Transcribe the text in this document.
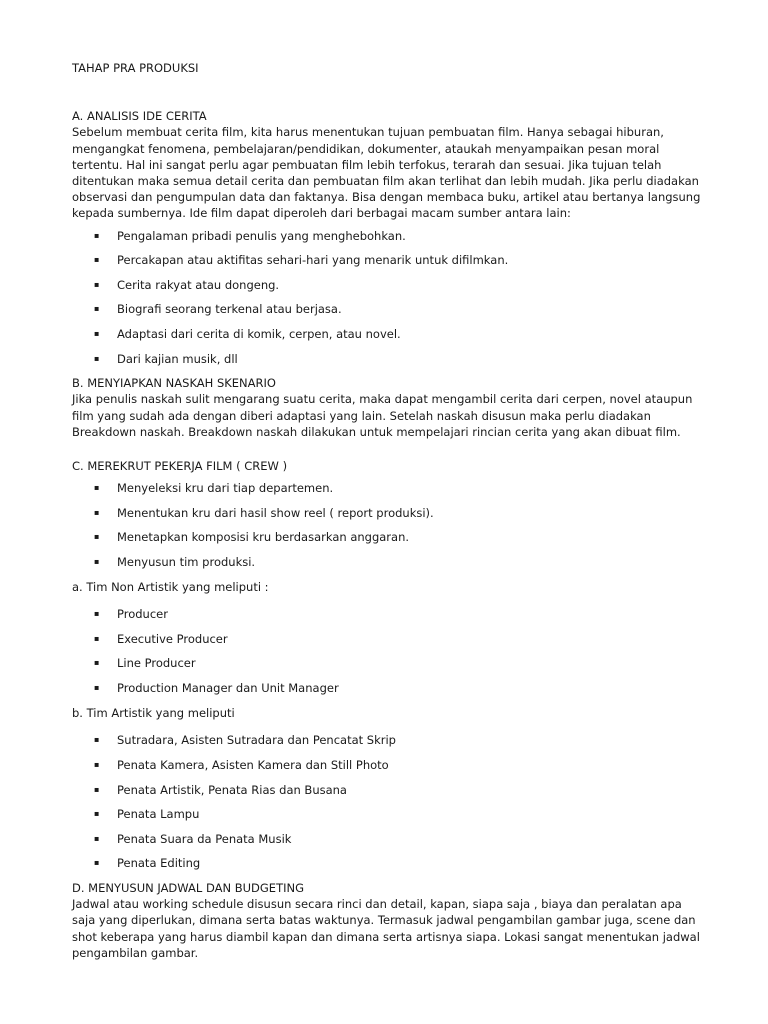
TAHAP PRA PRODUKSI

A. ANALISIS IDE CERITA

Sebelum membuat cerita film, kita harus menentukan tujuan pembuatan film. Hanya sebagai hiburan, mengangkat fenomena, pembelajaran/pendidikan, dokumenter, ataukah menyampaikan pesan moral tertentu. Hal ini sangat perlu agar pembuatan film lebih terfokus, terarah dan sesuai. Jika tujuan telah ditentukan maka semua detail cerita dan pembuatan film akan terlihat dan lebih mudah. Jika perlu diadakan observasi dan pengumpulan data dan faktanya. Bisa dengan membaca buku, artikel atau bertanya langsung kepada sumbernya. Ide film dapat diperoleh dari berbagai macam sumber antara lain:

▪ Pengalaman pribadi penulis yang menghebohkan.
▪ Percakapan atau aktifitas sehari-hari yang menarik untuk difilmkan.
▪ Cerita rakyat atau dongeng.
▪ Biografi seorang terkenal atau berjasa.
▪ Adaptasi dari cerita di komik, cerpen, atau novel.
▪ Dari kajian musik, dll

B. MENYIAPKAN NASKAH SKENARIO

Jika penulis naskah sulit mengarang suatu cerita, maka dapat mengambil cerita dari cerpen, novel ataupun film yang sudah ada dengan diberi adaptasi yang lain. Setelah naskah disusun maka perlu diadakan Breakdown naskah. Breakdown naskah dilakukan untuk mempelajari rincian cerita yang akan dibuat film.

C. MEREKRUT PEKERJA FILM ( CREW )

▪ Menyeleksi kru dari tiap departemen.
▪ Menentukan kru dari hasil show reel ( report produksi).
▪ Menetapkan komposisi kru berdasarkan anggaran.
▪ Menyusun tim produksi.

a. Tim Non Artistik yang meliputi :

▪ Producer
▪ Executive Producer
▪ Line Producer
▪ Production Manager dan Unit Manager

b. Tim Artistik yang meliputi

▪ Sutradara, Asisten Sutradara dan Pencatat Skrip
▪ Penata Kamera, Asisten Kamera dan Still Photo
▪ Penata Artistik, Penata Rias dan Busana
▪ Penata Lampu
▪ Penata Suara da Penata Musik
▪ Penata Editing

D. MENYUSUN JADWAL DAN BUDGETING

Jadwal atau working schedule disusun secara rinci dan detail, kapan, siapa saja , biaya dan peralatan apa saja yang diperlukan, dimana serta batas waktunya. Termasuk jadwal pengambilan gambar juga, scene dan shot keberapa yang harus diambil kapan dan dimana serta artisnya siapa. Lokasi sangat menentukan jadwal pengambilan gambar.
